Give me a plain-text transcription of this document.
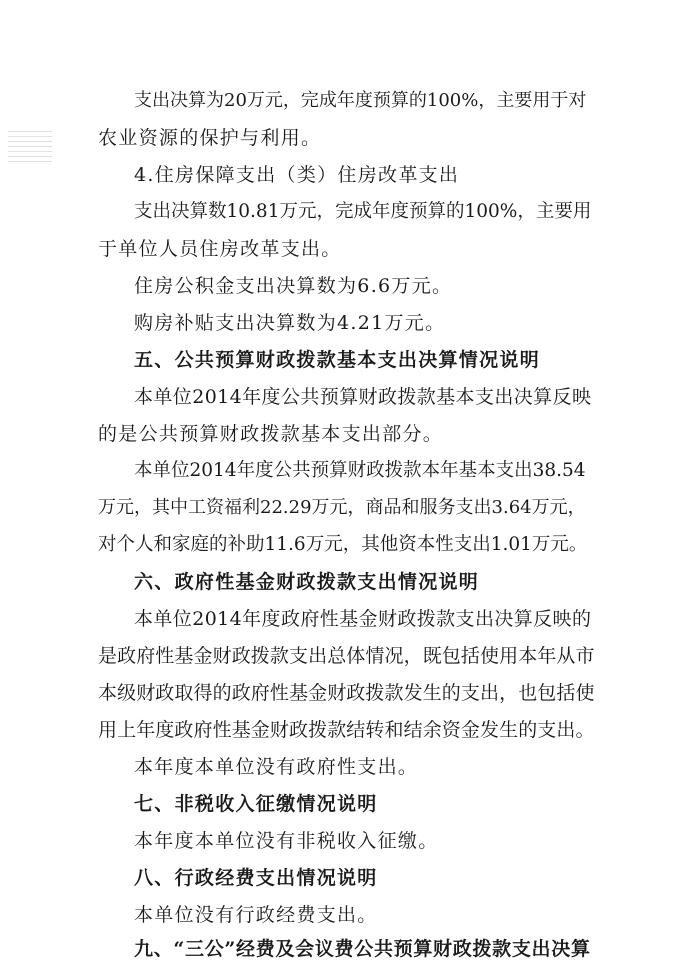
支出决算为20万元，完成年度预算的100%，主要用于对
农业资源的保护与利用。
4.住房保障支出（类）住房改革支出
支出决算数10.81万元，完成年度预算的100%，主要用
于单位人员住房改革支出。
住房公积金支出决算数为6.6万元。
购房补贴支出决算数为4.21万元。
五、公共预算财政拨款基本支出决算情况说明
本单位2014年度公共预算财政拨款基本支出决算反映
的是公共预算财政拨款基本支出部分。
本单位2014年度公共预算财政拨款本年基本支出38.54
万元，其中工资福利22.29万元，商品和服务支出3.64万元，
对个人和家庭的补助11.6万元，其他资本性支出1.01万元。
六、政府性基金财政拨款支出情况说明
本单位2014年度政府性基金财政拨款支出决算反映的
是政府性基金财政拨款支出总体情况，既包括使用本年从市
本级财政取得的政府性基金财政拨款发生的支出，也包括使
用上年度政府性基金财政拨款结转和结余资金发生的支出。
本年度本单位没有政府性支出。
七、非税收入征缴情况说明
本年度本单位没有非税收入征缴。
八、行政经费支出情况说明
本单位没有行政经费支出。
九、“三公”经费及会议费公共预算财政拨款支出决算
